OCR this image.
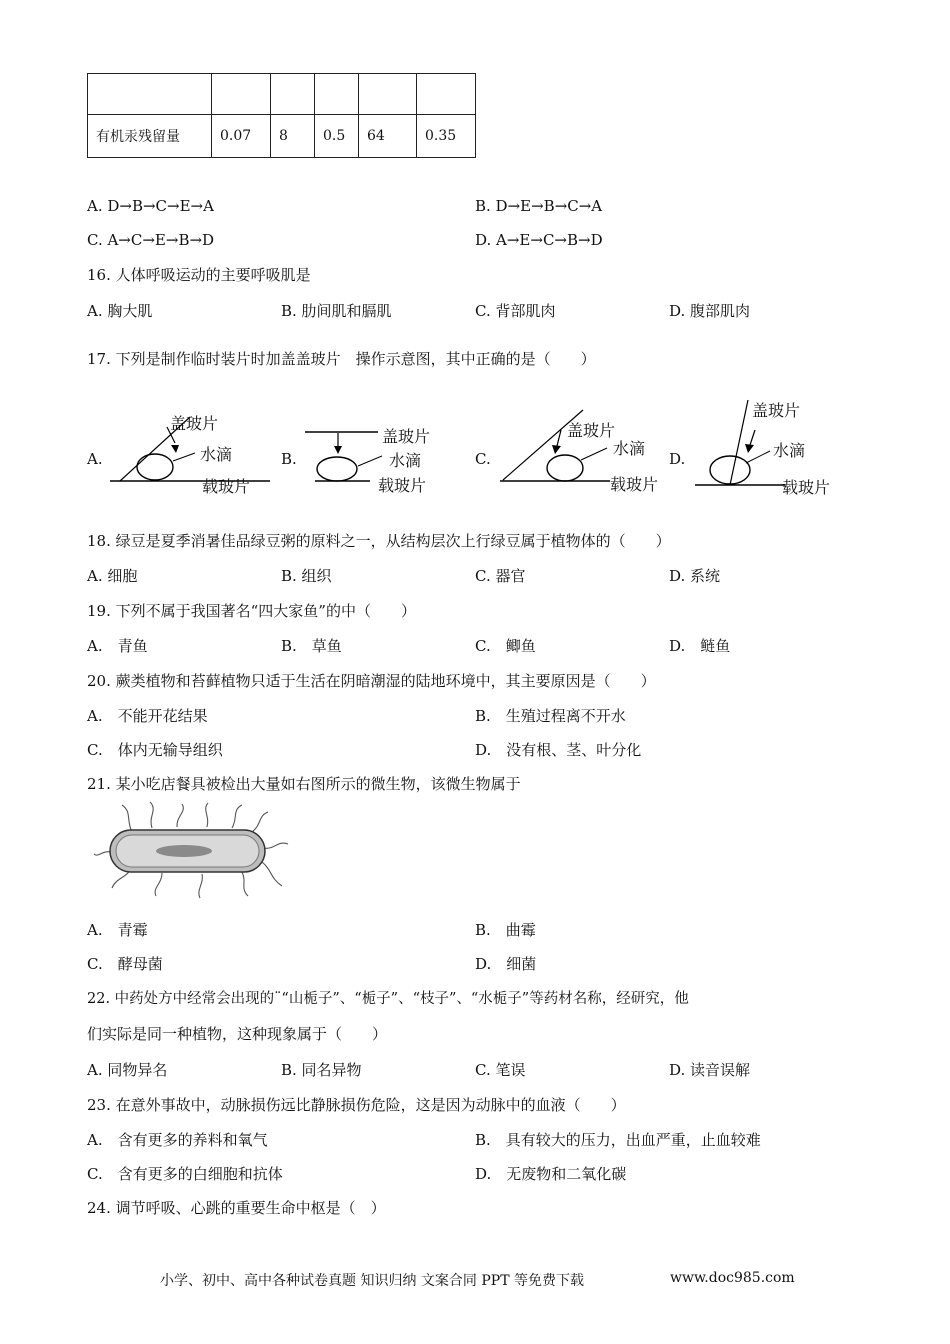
有机汞残留量	0.07	8	0.5	64	0.35
A. D→B→C→E→A	B. D→E→B→C→A
C. A→C→E→B→D	D. A→E→C→B→D
16. 人体呼吸运动的主要呼吸肌是
A. 胸大肌	B. 肋间肌和膈肌	C. 背部肌肉	D. 腹部肌肉
17. 下列是制作临时装片时加盖盖玻片　操作示意图，其中正确的是（　　）
A.
盖玻片
水滴
载玻片
B.
盖玻片
水滴
载玻片
C.
盖玻片
水滴
载玻片
D.
盖玻片
水滴
载玻片
18. 绿豆是夏季消暑佳品绿豆粥的原料之一，从结构层次上行绿豆属于植物体的（　　）
A. 细胞	B. 组织	C. 器官	D. 系统
19. 下列不属于我国著名“四大家鱼”的中（　　）
A.　青鱼	B.　草鱼	C.　鲫鱼	D.　鲢鱼
20. 蕨类植物和苔藓植物只适于生活在阴暗潮湿的陆地环境中，其主要原因是（　　）
A.　不能开花结果	B.　生殖过程离不开水
C.　体内无输导组织	D.　没有根、茎、叶分化
21. 某小吃店餐具被检出大量如右图所示的微生物，该微生物属于
A.　青霉	B.　曲霉
C.　酵母菌	D.　细菌
22. 中药处方中经常会出现的¨“山栀子”、“栀子”、“枝子”、“水栀子”等药材名称，经研究，他
们实际是同一种植物，这种现象属于（　　）
A. 同物异名	B. 同名异物	C. 笔误	D. 读音误解
23. 在意外事故中，动脉损伤远比静脉损伤危险，这是因为动脉中的血液（　　）
A.　含有更多的养料和氧气	B.　具有较大的压力，出血严重，止血较难
C.　含有更多的白细胞和抗体	D.　无废物和二氧化碳
24. 调节呼吸、心跳的重要生命中枢是（　）
小学、初中、高中各种试卷真题 知识归纳 文案合同 PPT 等免费下载	www.doc985.com
